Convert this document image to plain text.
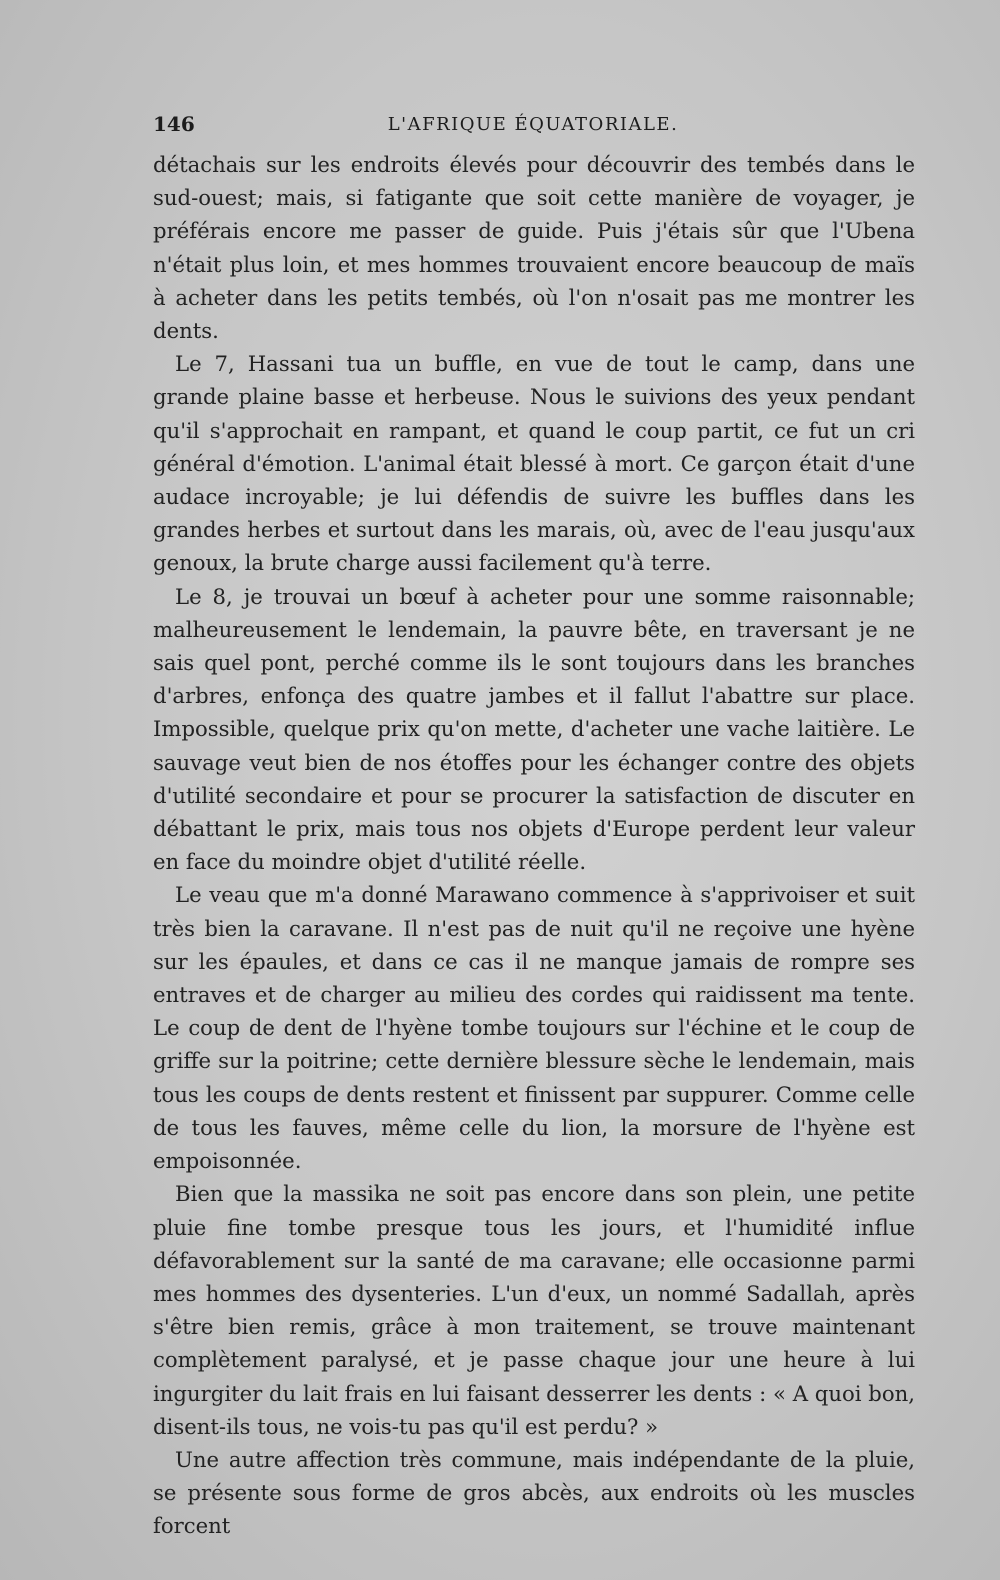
146	L'AFRIQUE ÉQUATORIALE.

détachais sur les endroits élevés pour découvrir des tembés dans le sud-ouest; mais, si fatigante que soit cette manière de voyager, je préférais encore me passer de guide. Puis j'étais sûr que l'Ubena n'était plus loin, et mes hommes trouvaient encore beaucoup de maïs à acheter dans les petits tembés, où l'on n'osait pas me montrer les dents.

Le 7, Hassani tua un buffle, en vue de tout le camp, dans une grande plaine basse et herbeuse. Nous le suivions des yeux pendant qu'il s'approchait en rampant, et quand le coup partit, ce fut un cri général d'émotion. L'animal était blessé à mort. Ce garçon était d'une audace incroyable; je lui défendis de suivre les buffles dans les grandes herbes et surtout dans les marais, où, avec de l'eau jusqu'aux genoux, la brute charge aussi facilement qu'à terre.

Le 8, je trouvai un bœuf à acheter pour une somme raisonnable; malheureusement le lendemain, la pauvre bête, en traversant je ne sais quel pont, perché comme ils le sont toujours dans les branches d'arbres, enfonça des quatre jambes et il fallut l'abattre sur place. Impossible, quelque prix qu'on mette, d'acheter une vache laitière. Le sauvage veut bien de nos étoffes pour les échanger contre des objets d'utilité secondaire et pour se procurer la satisfaction de discuter en débattant le prix, mais tous nos objets d'Europe perdent leur valeur en face du moindre objet d'utilité réelle.

Le veau que m'a donné Marawano commence à s'apprivoiser et suit très bien la caravane. Il n'est pas de nuit qu'il ne reçoive une hyène sur les épaules, et dans ce cas il ne manque jamais de rompre ses entraves et de charger au milieu des cordes qui raidissent ma tente. Le coup de dent de l'hyène tombe toujours sur l'échine et le coup de griffe sur la poitrine; cette dernière blessure sèche le lendemain, mais tous les coups de dents restent et finissent par suppurer. Comme celle de tous les fauves, même celle du lion, la morsure de l'hyène est empoisonnée.

Bien que la massika ne soit pas encore dans son plein, une petite pluie fine tombe presque tous les jours, et l'humidité influe défavorablement sur la santé de ma caravane; elle occasionne parmi mes hommes des dysenteries. L'un d'eux, un nommé Sadallah, après s'être bien remis, grâce à mon traitement, se trouve maintenant complètement paralysé, et je passe chaque jour une heure à lui ingurgiter du lait frais en lui faisant desserrer les dents : « A quoi bon, disent-ils tous, ne vois-tu pas qu'il est perdu? »

Une autre affection très commune, mais indépendante de la pluie, se présente sous forme de gros abcès, aux endroits où les muscles forcent
